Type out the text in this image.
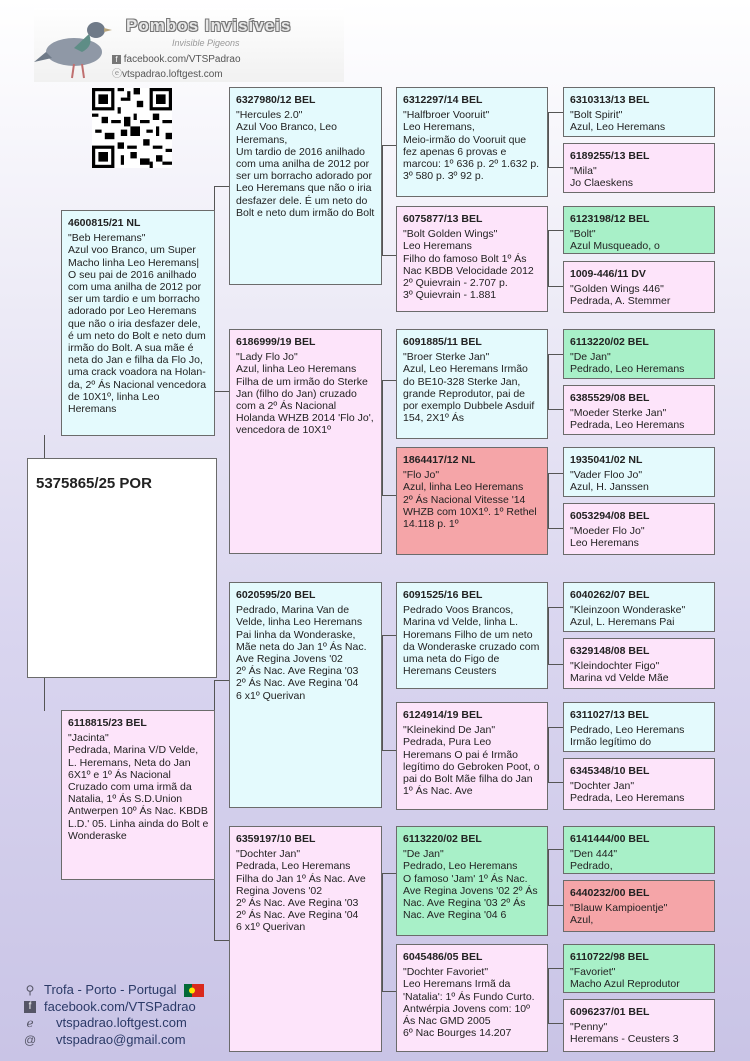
Pombos Invisíveis
Invisible Pigeons
f facebook.com/VTSPadrao ⓔvtspadrao.loftgest.com
5375865/25 POR
4600815/21 NL
"Beb Heremans"
Azul voo Branco, um Super Macho linha Leo Heremans| O seu pai de 2016 anilhado com uma anilha de 2012 por ser um tardio e um borracho adorado por Leo Heremans que não o iria desfazer dele, é um neto do Bolt e neto dum irmão do Bolt. A sua mãe é neta do Jan e filha da Flo Jo, uma crack voadora na Holan-da, 2º Ás Nacional vencedora de 10X1º, linha Leo Heremans
6118815/23 BEL
"Jacinta"
Pedrada, Marina V/D Velde, L. Heremans, Neta do Jan 6X1º e 1º Ás Nacional Cruzado com uma irmã da Natalia, 1º Ás S.D.Union Antwerpen 10º Ás Nac. KBDB L.D.' 05. Linha ainda do Bolt e Wonderaske
6327980/12 BEL
"Hercules 2.0"
Azul Voo Branco, Leo Heremans,
Um tardio de 2016 anilhado com uma anilha de 2012 por ser um borracho adorado por Leo Heremans que não o iria desfazer dele. É um neto do Bolt e neto dum irmão do Bolt
6186999/19 BEL
"Lady Flo Jo"
Azul, linha Leo Heremans
Filha de um irmão do Sterke Jan (filho do Jan) cruzado com a 2º Ás Nacional Holanda WHZB 2014 'Flo Jo', vencedora de 10X1º
6020595/20 BEL
Pedrado, Marina Van de Velde, linha Leo Heremans Pai linha da Wonderaske, Mãe neta do Jan 1º Ás Nac. Ave Regina Jovens '02
2º Ás Nac. Ave Regina '03
2º Ás Nac. Ave Regina '04
6 x1º Querivan
6359197/10 BEL
"Dochter Jan"
Pedrada, Leo Heremans Filha do Jan 1º Ás Nac. Ave Regina Jovens '02
2º Ás Nac. Ave Regina '03
2º Ás Nac. Ave Regina '04
6 x1º Querivan
6312297/14 BEL
"Halfbroer Vooruit"
Leo Heremans,
Meio-irmão do Vooruit que fez apenas 6 provas e marcou: 1º 636 p. 2º 1.632 p.
3º 580 p. 3º 92 p.
6075877/13 BEL
"Bolt Golden Wings"
Leo Heremans
Filho do famoso Bolt 1º Ás Nac KBDB Velocidade 2012 2º Quievrain - 2.707 p.
3º Quievrain - 1.881
6091885/11 BEL
"Broer Sterke Jan"
Azul, Leo Heremans Irmão do BE10-328 Sterke Jan, grande Reprodutor, pai de por exemplo Dubbele Asduif 154, 2X1º Ás
1864417/12 NL
"Flo Jo"
Azul, linha Leo Heremans
2º Ás Nacional Vitesse '14 WHZB com 10X1º. 1º Rethel 14.118 p. 1º
6091525/16 BEL
Pedrado Voos Brancos, Marina vd Velde, linha L. Horemans Filho de um neto da Wonderaske cruzado com uma neta do Figo de Heremans Ceusters
6124914/19 BEL
"Kleinekind De Jan"
Pedrada, Pura Leo Heremans O pai é Irmão legítimo do Gebroken Poot, o pai do Bolt Mãe filha do Jan 1º Ás Nac. Ave
6113220/02 BEL
"De Jan"
Pedrado, Leo Heremans
O famoso 'Jam' 1º Ás Nac. Ave Regina Jovens '02 2º Ás Nac. Ave Regina '03 2º Ás Nac. Ave Regina '04 6
6045486/05 BEL
"Dochter Favoriet"
Leo Heremans Irmã da 'Natalia': 1º Ás Fundo Curto. Antwérpia Jovens com: 10º Ás Nac GMD 2005
6º Nac Bourges 14.207
6310313/13 BEL
"Bolt Spirit"
Azul, Leo Heremans
6189255/13 BEL
"Mila"
Jo Claeskens
6123198/12 BEL
"Bolt"
Azul Musqueado, o
1009-446/11 DV
"Golden Wings 446"
Pedrada, A. Stemmer
6113220/02 BEL
"De Jan"
Pedrado, Leo Heremans
6385529/08 BEL
"Moeder Sterke Jan"
Pedrada, Leo Heremans
1935041/02 NL
"Vader Floo Jo"
Azul, H. Janssen
6053294/08 BEL
"Moeder Flo Jo"
Leo Heremans
6040262/07 BEL
"Kleinzoon Wonderaske"
Azul, L. Heremans Pai
6329148/08 BEL
"Kleindochter Figo"
Marina vd Velde Mãe
6311027/13 BEL
Pedrado, Leo Heremans Irmão legítimo do
6345348/10 BEL
"Dochter Jan"
Pedrada, Leo Heremans
6141444/00 BEL
"Den 444"
Pedrado,
6440232/00 BEL
"Blauw Kampioentje"
Azul,
6110722/98 BEL
"Favoriet"
Macho Azul Reprodutor
6096237/01 BEL
"Penny"
Heremans - Ceusters 3
⚲ Trofa - Porto - Portugal
f facebook.com/VTSPadrao
ℯ vtspadrao.loftgest.com
@ vtspadrao@gmail.com
